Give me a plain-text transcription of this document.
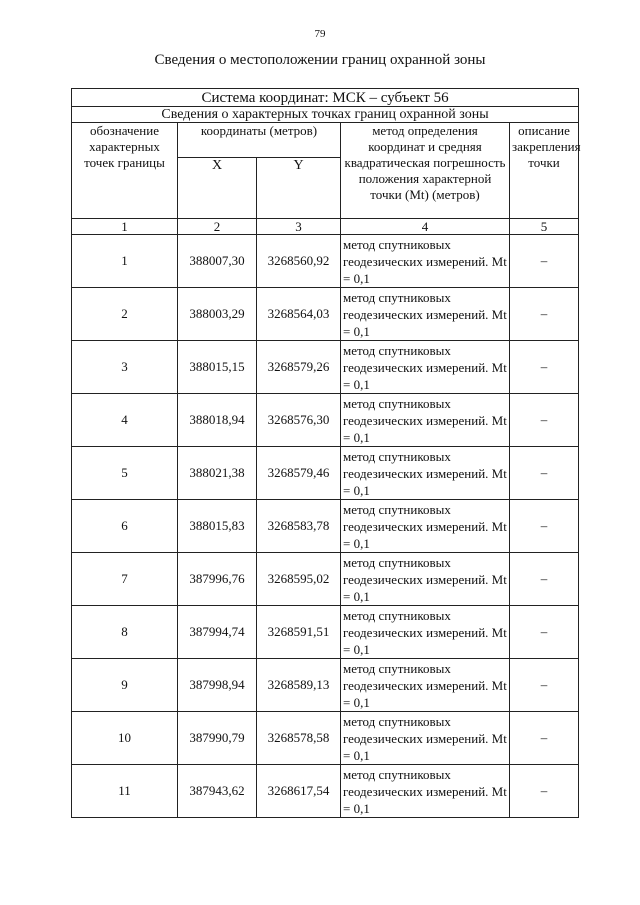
79
Сведения о местоположении границ охранной зоны
Система координат: МСК – субъект 56				
Сведения о характерных точках границ охранной зоны				
обозначение характерных точек границы	координаты (метров)		метод определения координат и средняя квадратическая погрешность положения характерной точки (Mt) (метров)	описание закрепления точки
	X	Y		
1	2	3	4	5
1	388007,30	3268560,92	метод спутниковых геодезических измерений. Mt = 0,1	–
2	388003,29	3268564,03	метод спутниковых геодезических измерений. Mt = 0,1	–
3	388015,15	3268579,26	метод спутниковых геодезических измерений. Mt = 0,1	–
4	388018,94	3268576,30	метод спутниковых геодезических измерений. Mt = 0,1	–
5	388021,38	3268579,46	метод спутниковых геодезических измерений. Mt = 0,1	–
6	388015,83	3268583,78	метод спутниковых геодезических измерений. Mt = 0,1	–
7	387996,76	3268595,02	метод спутниковых геодезических измерений. Mt = 0,1	–
8	387994,74	3268591,51	метод спутниковых геодезических измерений. Mt = 0,1	–
9	387998,94	3268589,13	метод спутниковых геодезических измерений. Mt = 0,1	–
10	387990,79	3268578,58	метод спутниковых геодезических измерений. Mt = 0,1	–
11	387943,62	3268617,54	метод спутниковых геодезических измерений. Mt = 0,1	–
